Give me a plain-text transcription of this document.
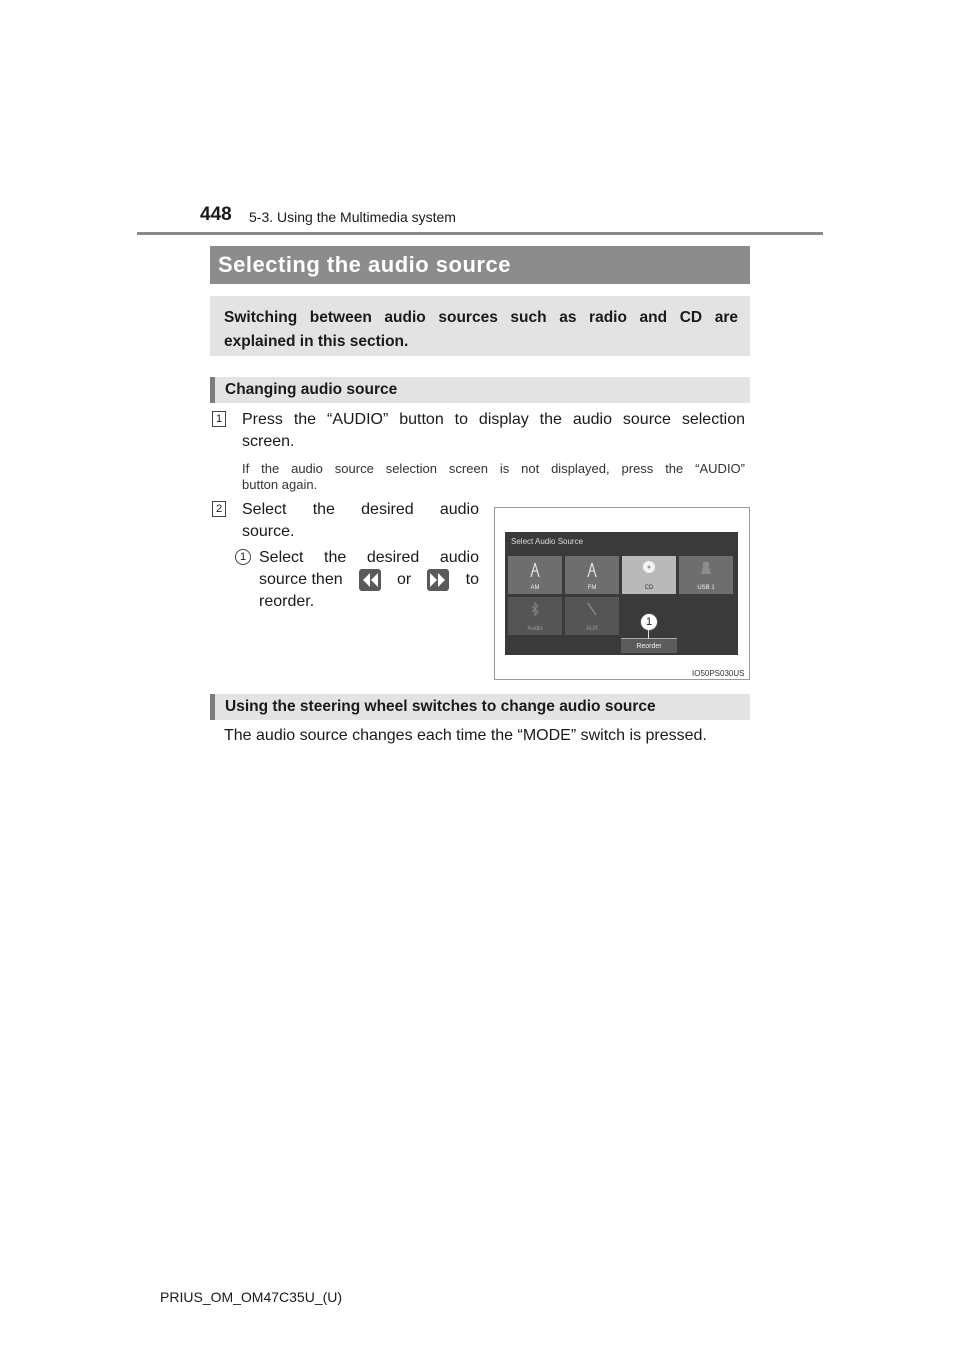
448 5-3. Using the Multimedia system
Selecting the audio source
Switching between audio sources such as radio and CD are explained in this section.
Changing audio source
1 Press the “AUDIO” button to display the audio source selection
screen.
If the audio source selection screen is not displayed, press the “AUDIO”
button again.
2 Select the desired audio
source.
1 Select the desired audio
source then	or	to
reorder.
Select Audio Source
AM	FM	CD	USB 1
Audio	AUX
Reorder
1
IO50PS030US
Using the steering wheel switches to change audio source
The audio source changes each time the “MODE” switch is pressed.
PRIUS_OM_OM47C35U_(U)
